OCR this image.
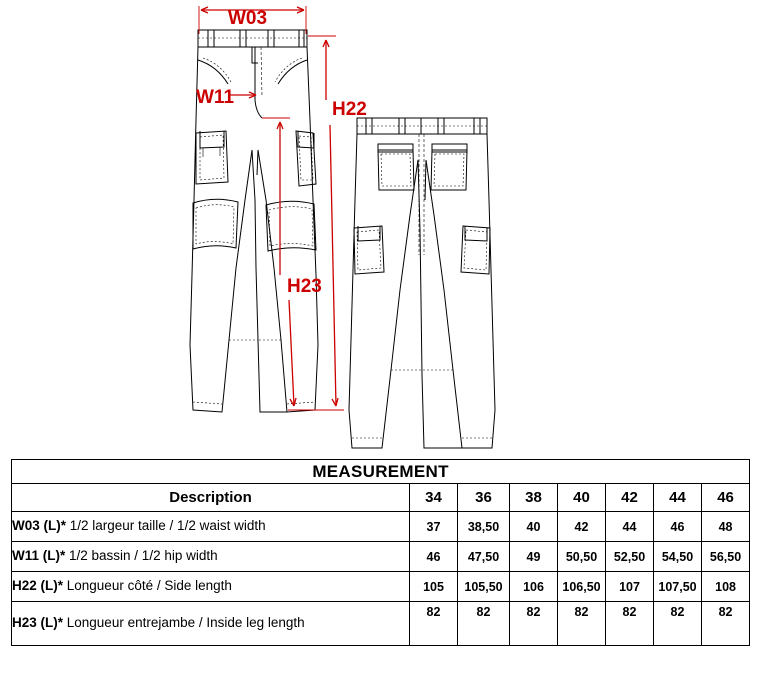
W03
W11
H22
H23
MEASUREMENT							
Description	34	36	38	40	42	44	46
W03 (L)* 1/2 largeur taille / 1/2 waist width	37	38,50	40	42	44	46	48
W11 (L)* 1/2 bassin / 1/2 hip width	46	47,50	49	50,50	52,50	54,50	56,50
H22 (L)* Longueur côté / Side length	105	105,50	106	106,50	107	107,50	108
H23 (L)* Longueur entrejambe / Inside leg length	82	82	82	82	82	82	82
